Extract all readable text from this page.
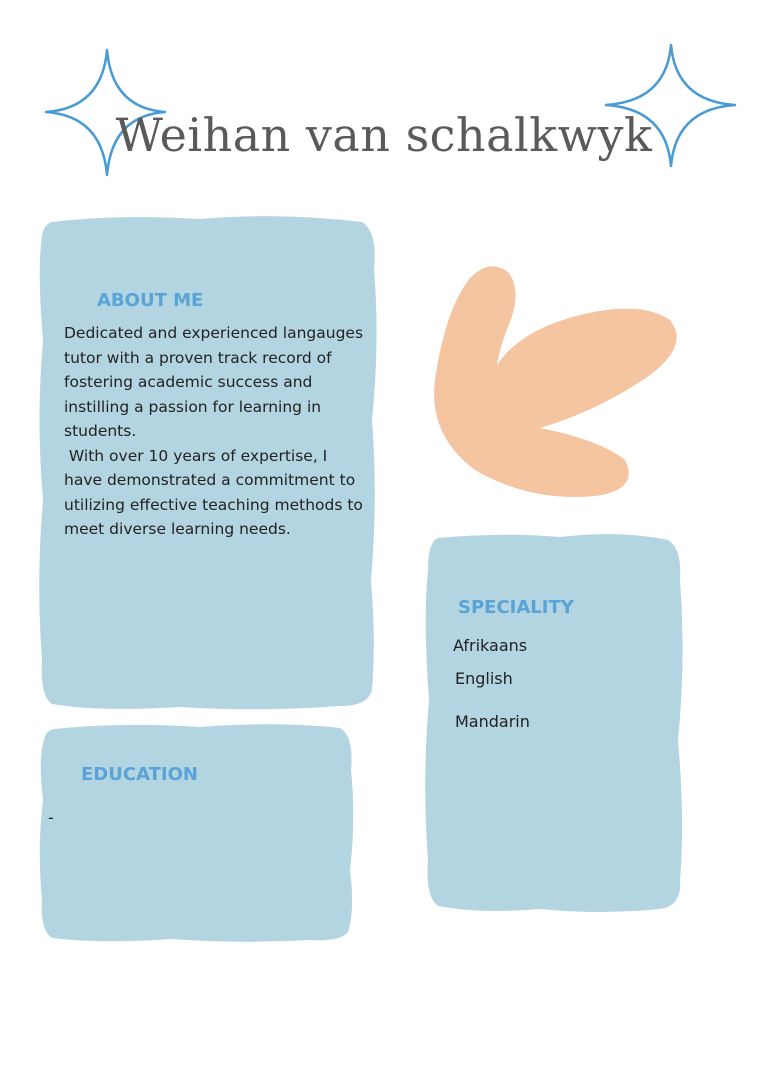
Weihan van schalkwyk
ABOUT ME
Dedicated and experienced langauges
tutor with a proven track record of
fostering academic success and
instilling a passion for learning in
students.
With over 10 years of expertise, I
have demonstrated a commitment to
utilizing effective teaching methods to
meet diverse learning needs.
SPECIALITY
Afrikaans
English
Mandarin
EDUCATION
-
